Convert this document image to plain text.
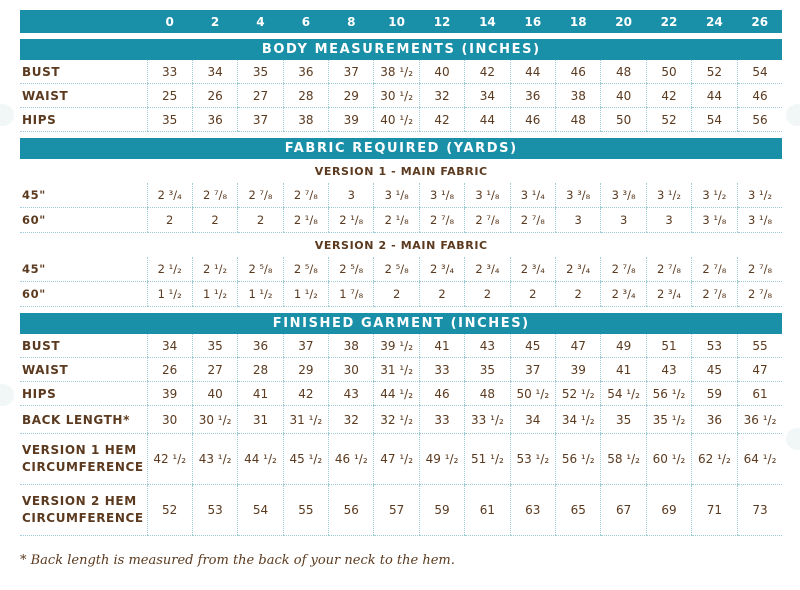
	0	2	4	6	8	10	12	14	16	18	20	22	24	26

BODY MEASUREMENTS (INCHES)														
BUST	33	34	35	36	37	38 ¹/₂	40	42	44	46	48	50	52	54
WAIST	25	26	27	28	29	30 ¹/₂	32	34	36	38	40	42	44	46
HIPS	35	36	37	38	39	40 ¹/₂	42	44	46	48	50	52	54	56

FABRIC REQUIRED (YARDS)														
VERSION 1 - MAIN FABRIC														
45"	2 ³/₄	2 ⁷/₈	2 ⁷/₈	2 ⁷/₈	3	3 ¹/₈	3 ¹/₈	3 ¹/₈	3 ¹/₄	3 ³/₈	3 ³/₈	3 ¹/₂	3 ¹/₂	3 ¹/₂
60"	2	2	2	2 ¹/₈	2 ¹/₈	2 ¹/₈	2 ⁷/₈	2 ⁷/₈	2 ⁷/₈	3	3	3	3 ¹/₈	3 ¹/₈
VERSION 2 - MAIN FABRIC														
45"	2 ¹/₂	2 ¹/₂	2 ⁵/₈	2 ⁵/₈	2 ⁵/₈	2 ⁵/₈	2 ³/₄	2 ³/₄	2 ³/₄	2 ³/₄	2 ⁷/₈	2 ⁷/₈	2 ⁷/₈	2 ⁷/₈
60"	1 ¹/₂	1 ¹/₂	1 ¹/₂	1 ¹/₂	1 ⁷/₈	2	2	2	2	2	2 ³/₄	2 ³/₄	2 ⁷/₈	2 ⁷/₈

FINISHED GARMENT (INCHES)														
BUST	34	35	36	37	38	39 ¹/₂	41	43	45	47	49	51	53	55
WAIST	26	27	28	29	30	31 ¹/₂	33	35	37	39	41	43	45	47
HIPS	39	40	41	42	43	44 ¹/₂	46	48	50 ¹/₂	52 ¹/₂	54 ¹/₂	56 ¹/₂	59	61
BACK LENGTH*	30	30 ¹/₂	31	31 ¹/₂	32	32 ¹/₂	33	33 ¹/₂	34	34 ¹/₂	35	35 ¹/₂	36	36 ¹/₂

VERSION 1 HEM
CIRCUMFERENCE	42 ¹/₂	43 ¹/₂	44 ¹/₂	45 ¹/₂	46 ¹/₂	47 ¹/₂	49 ¹/₂	51 ¹/₂	53 ¹/₂	56 ¹/₂	58 ¹/₂	60 ¹/₂	62 ¹/₂	64 ¹/₂

VERSION 2 HEM
CIRCUMFERENCE	52	53	54	55	56	57	59	61	63	65	67	69	71	73

* Back length is measured from the back of your neck to the hem.
